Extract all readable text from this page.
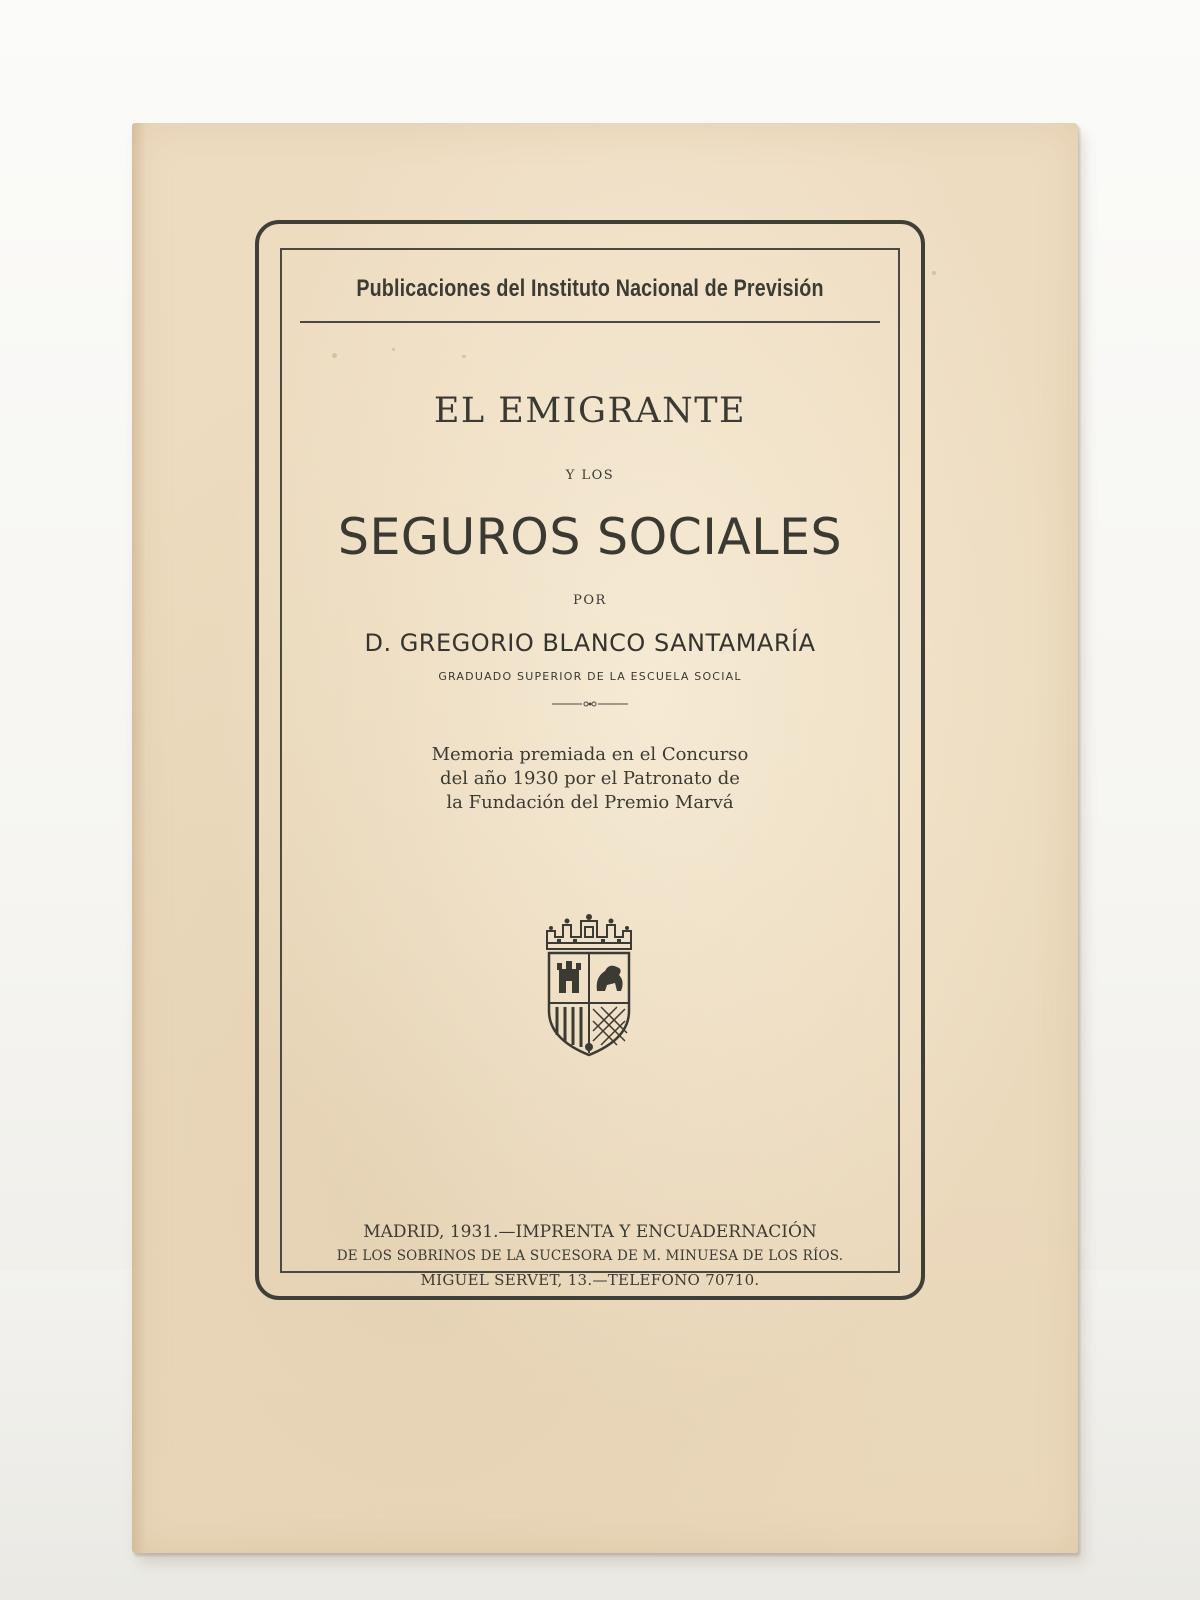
Publicaciones del Instituto Nacional de Previsión
EL EMIGRANTE
Y LOS
SEGUROS SOCIALES
POR
D. GREGORIO BLANCO SANTAMARÍA
GRADUADO SUPERIOR DE LA ESCUELA SOCIAL
Memoria premiada en el Concurso
del año 1930 por el Patronato de
la Fundación del Premio Marvá
MADRID, 1931.—IMPRENTA Y ENCUADERNACIÓN
DE LOS SOBRINOS DE LA SUCESORA DE M. MINUESA DE LOS RÍOS.
MIGUEL SERVET, 13.—TELÉFONO 70710.
